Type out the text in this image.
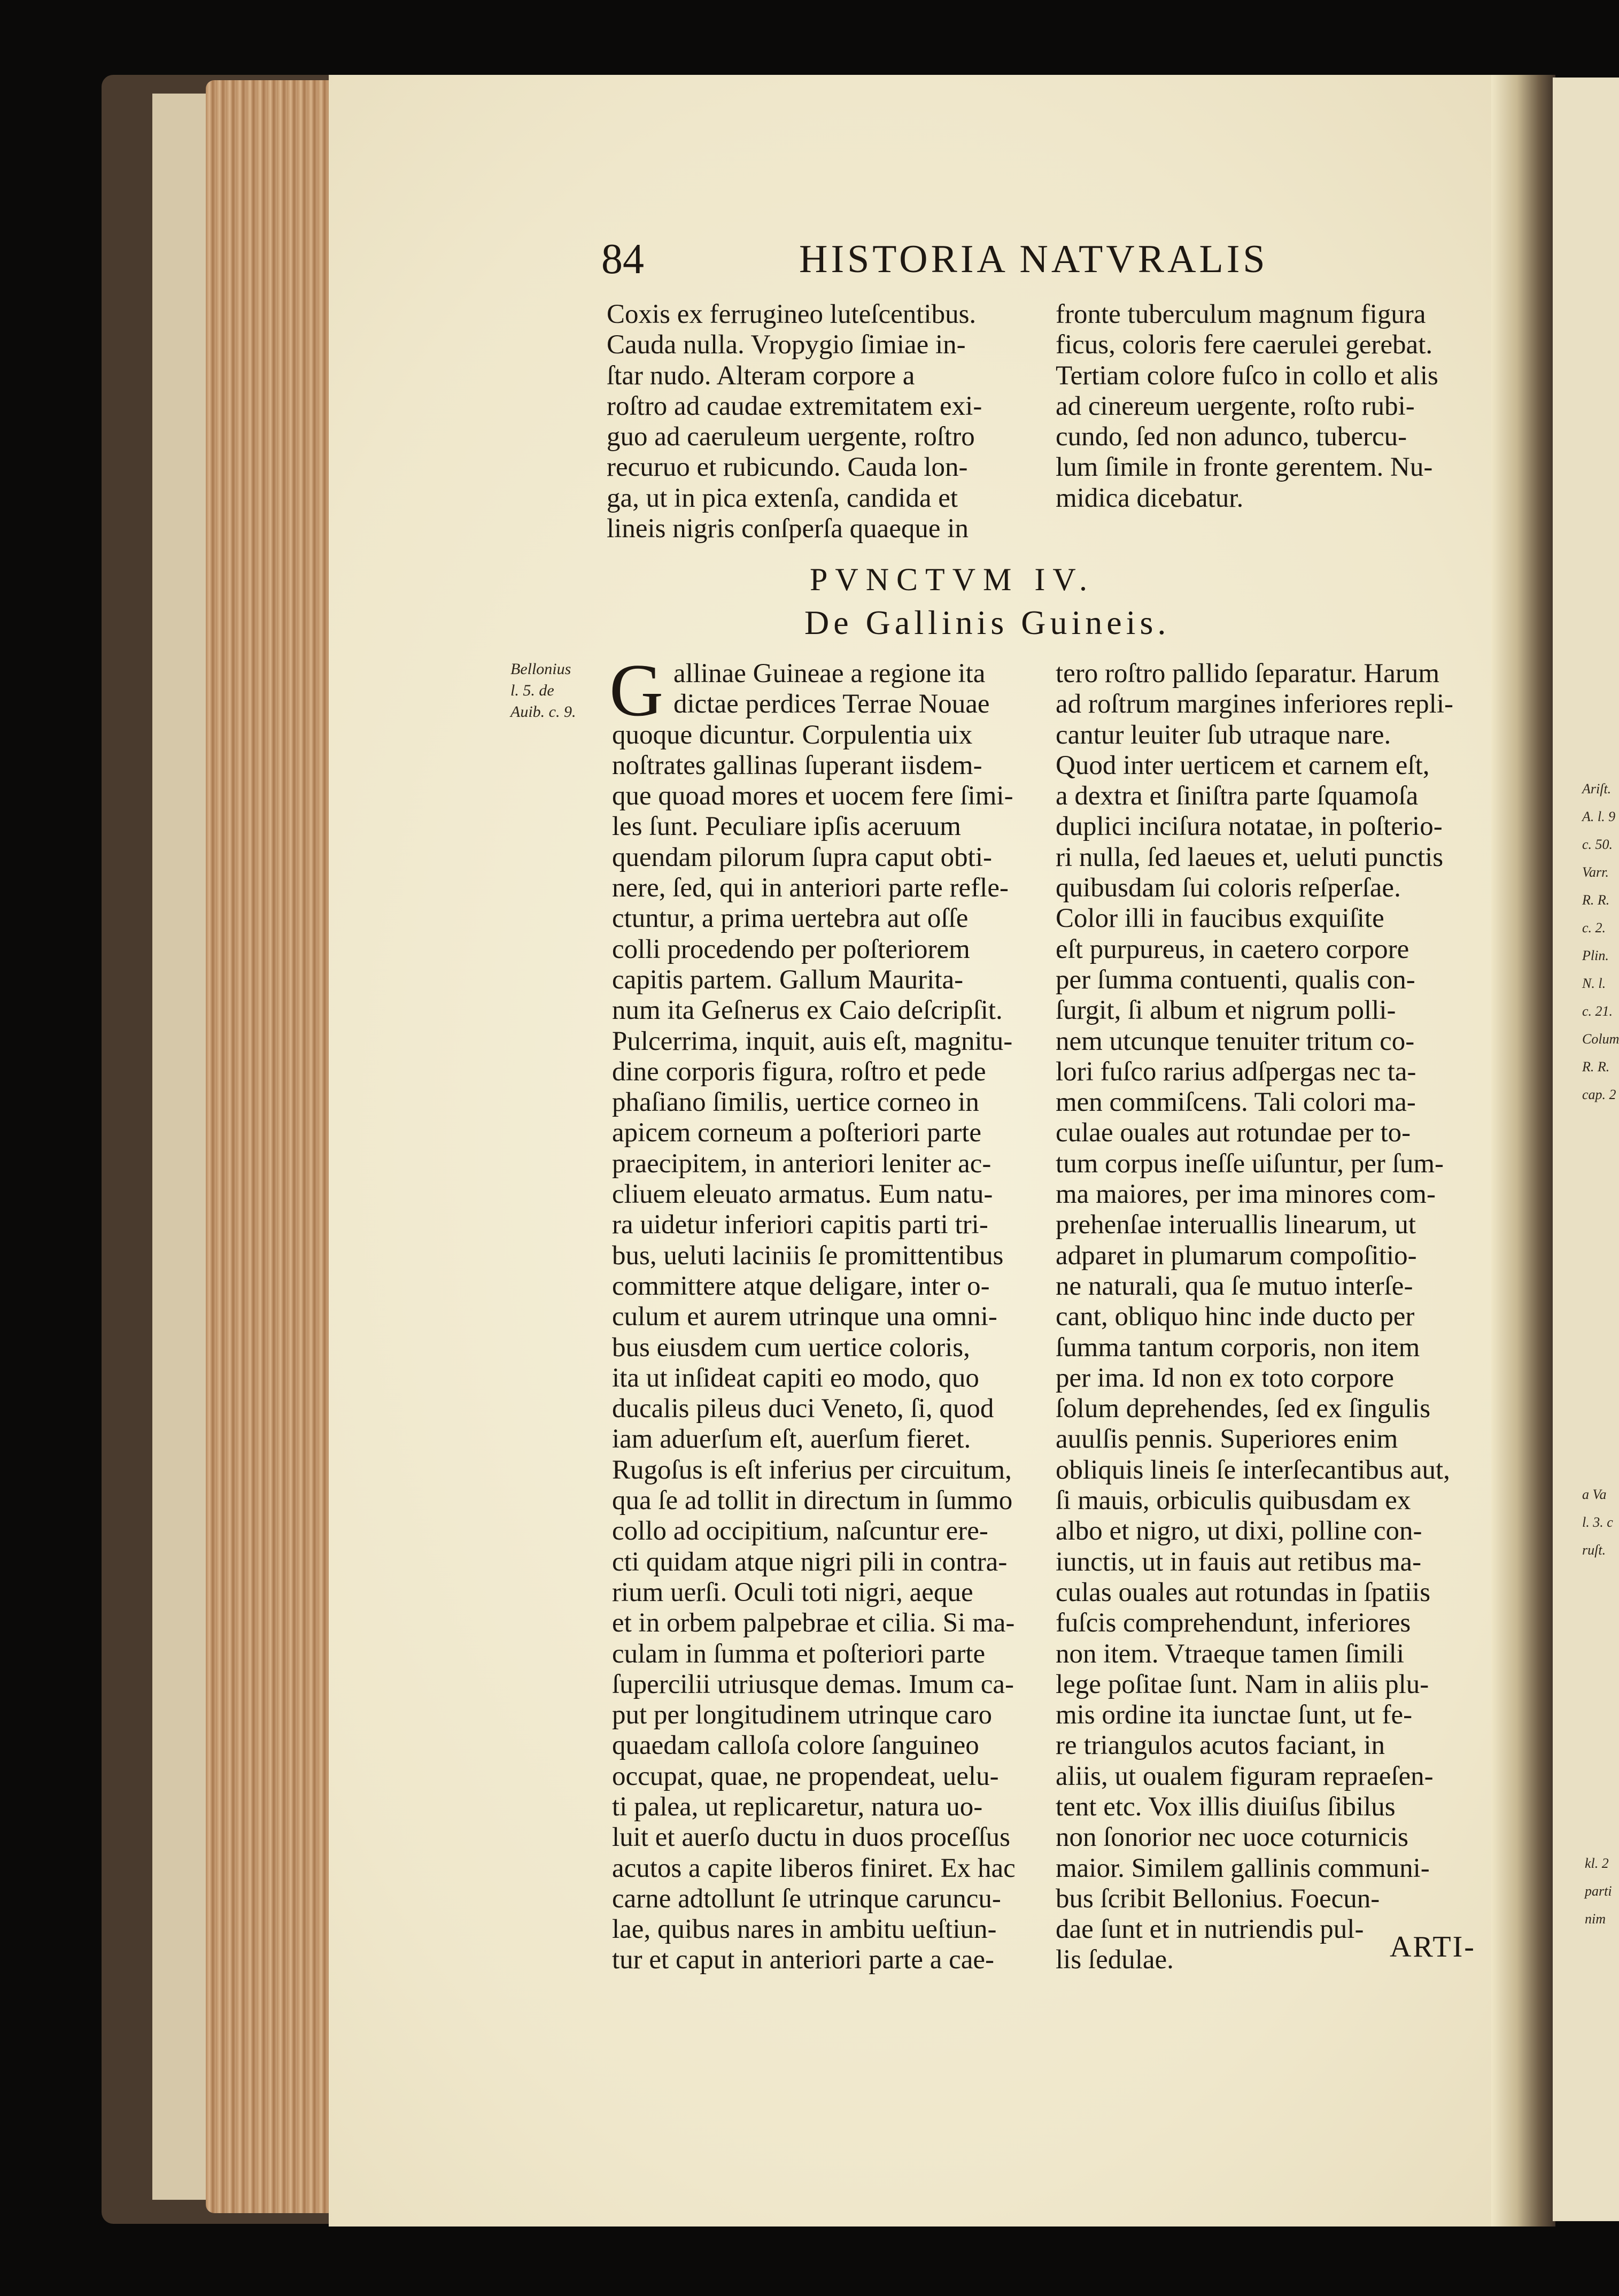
84	HISTORIA NATVRALIS
Coxis ex ferrugineo luteſcentibus.
Cauda nulla. Vropygio ſimiae in-
ſtar nudo. Alteram corpore a
roſtro ad caudae extremitatem exi-
guo ad caeruleum uergente, roſtro
recuruo et rubicundo. Cauda lon-
ga, ut in pica extenſa, candida et
lineis nigris conſperſa quaeque in
fronte tuberculum magnum figura
ficus, coloris fere caerulei gerebat.
Tertiam colore fuſco in collo et alis
ad cinereum uergente, roſto rubi-
cundo, ſed non adunco, tubercu-
lum ſimile in fronte gerentem. Nu-
midica dicebatur.
PVNCTVM IV.
De Gallinis Guineis.
Bellonius
l. 5. de
Auib. c. 9. G allinae Guineae a regione ita
dictae perdices Terrae Nouae
quoque dicuntur. Corpulentia uix
noſtrates gallinas ſuperant iisdem-
que quoad mores et uocem fere ſimi-
les ſunt. Peculiare ipſis aceruum
quendam pilorum ſupra caput obti-
nere, ſed, qui in anteriori parte refle-
ctuntur, a prima uertebra aut oſſe
colli procedendo per poſteriorem
capitis partem. Gallum Maurita-
num ita Geſnerus ex Caio deſcripſit.
Pulcerrima, inquit, auis eſt, magnitu-
dine corporis figura, roſtro et pede
phaſiano ſimilis, uertice corneo in
apicem corneum a poſteriori parte
praecipitem, in anteriori leniter ac-
cliuem eleuato armatus. Eum natu-
ra uidetur inferiori capitis parti tri-
bus, ueluti laciniis ſe promittentibus
committere atque deligare, inter o-
culum et aurem utrinque una omni-
bus eiusdem cum uertice coloris,
ita ut inſideat capiti eo modo, quo
ducalis pileus duci Veneto, ſi, quod
iam aduerſum eſt, auerſum fieret.
Rugoſus is eſt inferius per circuitum,
qua ſe ad tollit in directum in ſummo
collo ad occipitium, naſcuntur ere-
cti quidam atque nigri pili in contra-
rium uerſi. Oculi toti nigri, aeque
et in orbem palpebrae et cilia. Si ma-
culam in ſumma et poſteriori parte
ſupercilii utriusque demas. Imum ca-
put per longitudinem utrinque caro
quaedam calloſa colore ſanguineo
occupat, quae, ne propendeat, uelu-
ti palea, ut replicaretur, natura uo-
luit et auerſo ductu in duos proceſſus
acutos a capite liberos finiret. Ex hac
carne adtollunt ſe utrinque caruncu-
lae, quibus nares in ambitu ueſtiun-
tur et caput in anteriori parte a cae-
tero roſtro pallido ſeparatur. Harum
ad roſtrum margines inferiores repli-
cantur leuiter ſub utraque nare.
Quod inter uerticem et carnem eſt,
a dextra et ſiniſtra parte ſquamoſa
duplici inciſura notatae, in poſterio-
ri nulla, ſed laeues et, ueluti punctis
quibusdam ſui coloris reſperſae.
Color illi in faucibus exquiſite
eſt purpureus, in caetero corpore
per ſumma contuenti, qualis con-
ſurgit, ſi album et nigrum polli-
nem utcunque tenuiter tritum co-
lori fuſco rarius adſpergas nec ta-
men commiſcens. Tali colori ma-
culae ouales aut rotundae per to-
tum corpus ineſſe uiſuntur, per ſum-
ma maiores, per ima minores com-
prehenſae interuallis linearum, ut
adparet in plumarum compoſitio-
ne naturali, qua ſe mutuo interſe-
cant, obliquo hinc inde ducto per
ſumma tantum corporis, non item
per ima. Id non ex toto corpore
ſolum deprehendes, ſed ex ſingulis
auulſis pennis. Superiores enim
obliquis lineis ſe interſecantibus aut,
ſi mauis, orbiculis quibusdam ex
albo et nigro, ut dixi, polline con-
iunctis, ut in fauis aut retibus ma-
culas ouales aut rotundas in ſpatiis
fuſcis comprehendunt, inferiores
non item. Vtraeque tamen ſimili
lege poſitae ſunt. Nam in aliis plu-
mis ordine ita iunctae ſunt, ut fe-
re triangulos acutos faciant, in
aliis, ut oualem figuram repraeſen-
tent etc. Vox illis diuiſus ſibilus
non ſonorior nec uoce coturnicis
maior. Similem gallinis communi-
bus ſcribit Bellonius. Foecun-
dae ſunt et in nutriendis pul-
lis ſedulae.	ARTI-
Ariſt.
A. l. 9
c. 50.
Varr.
R. R.
c. 2.
Plin.
N. l.
c. 21.
Colum
R. R.
cap. 2
a Va
l. 3. c
ruſt.
kl. 2
parti
nim
